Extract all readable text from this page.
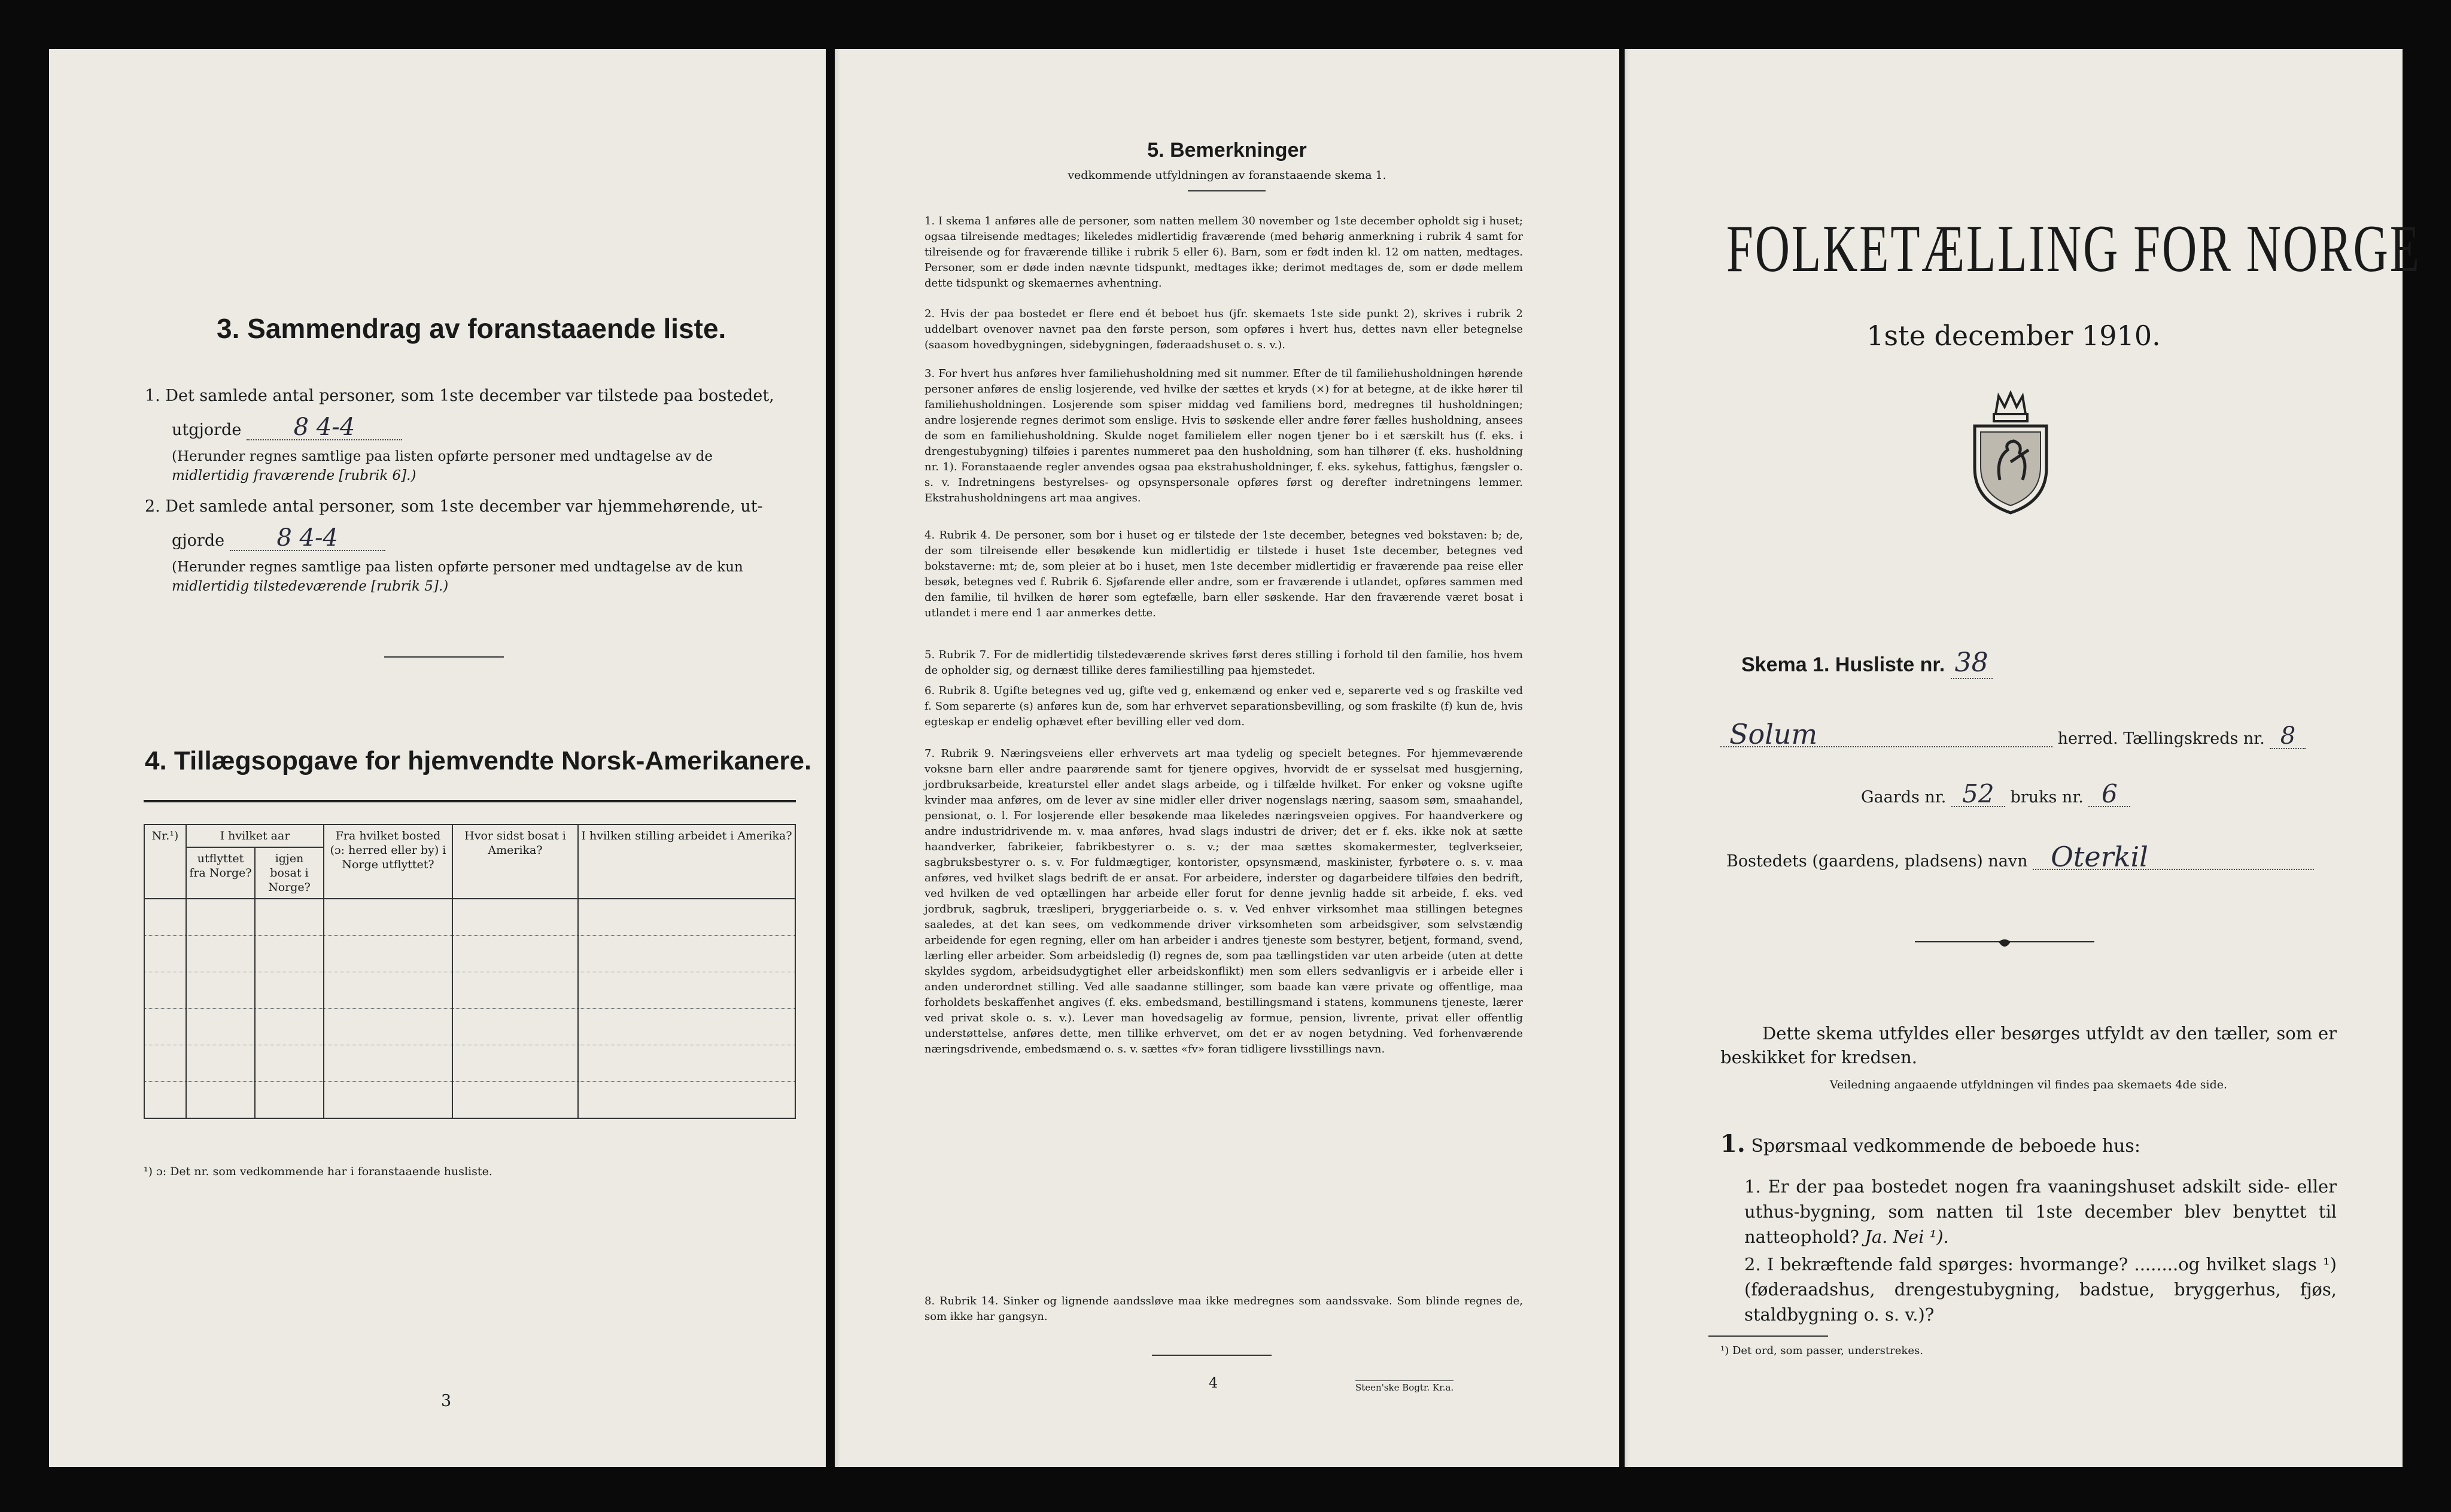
3. Sammendrag av foranstaaende liste.
1. Det samlede antal personer, som 1ste december var tilstede paa bostedet,
utgjorde 8 4-4
(Herunder regnes samtlige paa listen opførte personer med undtagelse av de
midlertidig fraværende [rubrik 6].)
2. Det samlede antal personer, som 1ste december var hjemmehørende, ut-
gjorde 8 4-4
(Herunder regnes samtlige paa listen opførte personer med undtagelse av de kun
midlertidig tilstedeværende [rubrik 5].)
4. Tillægsopgave for hjemvendte Norsk-Amerikanere.
Nr.¹)	I hvilket aar		Fra hvilket bosted (ɔ: herred eller by) i Norge utflyttet?	Hvor sidst bosat i Amerika?	I hvilken stilling arbeidet i Amerika?
	utflyttet fra Norge?	igjen bosat i Norge?			

¹) ɔ: Det nr. som vedkommende har i foranstaaende husliste.
3
5. Bemerkninger
vedkommende utfyldningen av foranstaaende skema 1.
1. I skema 1 anføres alle de personer, som natten mellem 30 november og 1ste december opholdt sig i huset; ogsaa tilreisende medtages; likeledes midlertidig fraværende (med behørig anmerkning i rubrik 4 samt for tilreisende og for fraværende tillike i rubrik 5 eller 6). Barn, som er født inden kl. 12 om natten, medtages. Personer, som er døde inden nævnte tidspunkt, medtages ikke; derimot medtages de, som er døde mellem dette tidspunkt og skemaernes avhentning.
2. Hvis der paa bostedet er flere end ét beboet hus (jfr. skemaets 1ste side punkt 2), skrives i rubrik 2 uddelbart ovenover navnet paa den første person, som opføres i hvert hus, dettes navn eller betegnelse (saasom hovedbygningen, sidebygningen, føderaadshuset o. s. v.).
3. For hvert hus anføres hver familiehusholdning med sit nummer. Efter de til familiehusholdningen hørende personer anføres de enslig losjerende, ved hvilke der sættes et kryds (×) for at betegne, at de ikke hører til familiehusholdningen. Losjerende som spiser middag ved familiens bord, medregnes til husholdningen; andre losjerende regnes derimot som enslige. Hvis to søskende eller andre fører fælles husholdning, ansees de som en familiehusholdning. Skulde noget familielem eller nogen tjener bo i et særskilt hus (f. eks. i drengestubygning) tilføies i parentes nummeret paa den husholdning, som han tilhører (f. eks. husholdning nr. 1). Foranstaaende regler anvendes ogsaa paa ekstrahusholdninger, f. eks. sykehus, fattighus, fængsler o. s. v. Indretningens bestyrelses- og opsynspersonale opføres først og derefter indretningens lemmer. Ekstrahusholdningens art maa angives.
4. Rubrik 4. De personer, som bor i huset og er tilstede der 1ste december, betegnes ved bokstaven: b; de, der som tilreisende eller besøkende kun midlertidig er tilstede i huset 1ste december, betegnes ved bokstaverne: mt; de, som pleier at bo i huset, men 1ste december midlertidig er fraværende paa reise eller besøk, betegnes ved f. Rubrik 6. Sjøfarende eller andre, som er fraværende i utlandet, opføres sammen med den familie, til hvilken de hører som egtefælle, barn eller søskende. Har den fraværende været bosat i utlandet i mere end 1 aar anmerkes dette.
5. Rubrik 7. For de midlertidig tilstedeværende skrives først deres stilling i forhold til den familie, hos hvem de opholder sig, og dernæst tillike deres familiestilling paa hjemstedet.
6. Rubrik 8. Ugifte betegnes ved ug, gifte ved g, enkemænd og enker ved e, separerte ved s og fraskilte ved f. Som separerte (s) anføres kun de, som har erhvervet separationsbevilling, og som fraskilte (f) kun de, hvis egteskap er endelig ophævet efter bevilling eller ved dom.
7. Rubrik 9. Næringsveiens eller erhvervets art maa tydelig og specielt betegnes. For hjemmeværende voksne barn eller andre paarørende samt for tjenere opgives, hvorvidt de er sysselsat med husgjerning, jordbruksarbeide, kreaturstel eller andet slags arbeide, og i tilfælde hvilket. For enker og voksne ugifte kvinder maa anføres, om de lever av sine midler eller driver nogenslags næring, saasom søm, smaahandel, pensionat, o. l. For losjerende eller besøkende maa likeledes næringsveien opgives. For haandverkere og andre industridrivende m. v. maa anføres, hvad slags industri de driver; det er f. eks. ikke nok at sætte haandverker, fabrikeier, fabrikbestyrer o. s. v.; der maa sættes skomakermester, teglverkseier, sagbruksbestyrer o. s. v. For fuldmægtiger, kontorister, opsynsmænd, maskinister, fyrbøtere o. s. v. maa anføres, ved hvilket slags bedrift de er ansat. For arbeidere, inderster og dagarbeidere tilføies den bedrift, ved hvilken de ved optællingen har arbeide eller forut for denne jevnlig hadde sit arbeide, f. eks. ved jordbruk, sagbruk, træsliperi, bryggeriarbeide o. s. v. Ved enhver virksomhet maa stillingen betegnes saaledes, at det kan sees, om vedkommende driver virksomheten som arbeidsgiver, som selvstændig arbeidende for egen regning, eller om han arbeider i andres tjeneste som bestyrer, betjent, formand, svend, lærling eller arbeider. Som arbeidsledig (l) regnes de, som paa tællingstiden var uten arbeide (uten at dette skyldes sygdom, arbeidsudygtighet eller arbeidskonflikt) men som ellers sedvanligvis er i arbeide eller i anden underordnet stilling. Ved alle saadanne stillinger, som baade kan være private og offentlige, maa forholdets beskaffenhet angives (f. eks. embedsmand, bestillingsmand i statens, kommunens tjeneste, lærer ved privat skole o. s. v.). Lever man hovedsagelig av formue, pension, livrente, privat eller offentlig understøttelse, anføres dette, men tillike erhvervet, om det er av nogen betydning. Ved forhenværende næringsdrivende, embedsmænd o. s. v. sættes «fv» foran tidligere livsstillings navn.
8. Rubrik 14. Sinker og lignende aandssløve maa ikke medregnes som aandssvake. Som blinde regnes de, som ikke har gangsyn.
4	Steen'ske Bogtr. Kr.a.
FOLKETÆLLING FOR NORGE
1ste december 1910.
Skema 1. Husliste nr. 38
Solum	herred. Tællingskreds nr. 8
Gaards nr. 52 bruks nr. 6
Bostedets (gaardens, pladsens) navn Oterkil
Dette skema utfyldes eller besørges utfyldt av den tæller, som er beskikket for kredsen.
Veiledning angaaende utfyldningen vil findes paa skemaets 4de side.
1. Spørsmaal vedkommende de beboede hus:
1. Er der paa bostedet nogen fra vaaningshuset adskilt side- eller uthus-bygning, som natten til 1ste december blev benyttet til natteophold? Ja. Nei ¹).
2. I bekræftende fald spørges: hvormange? ........og hvilket slags ¹) (føderaadshus, drengestubygning, badstue, bryggerhus, fjøs, staldbygning o. s. v.)?
¹) Det ord, som passer, understrekes.
